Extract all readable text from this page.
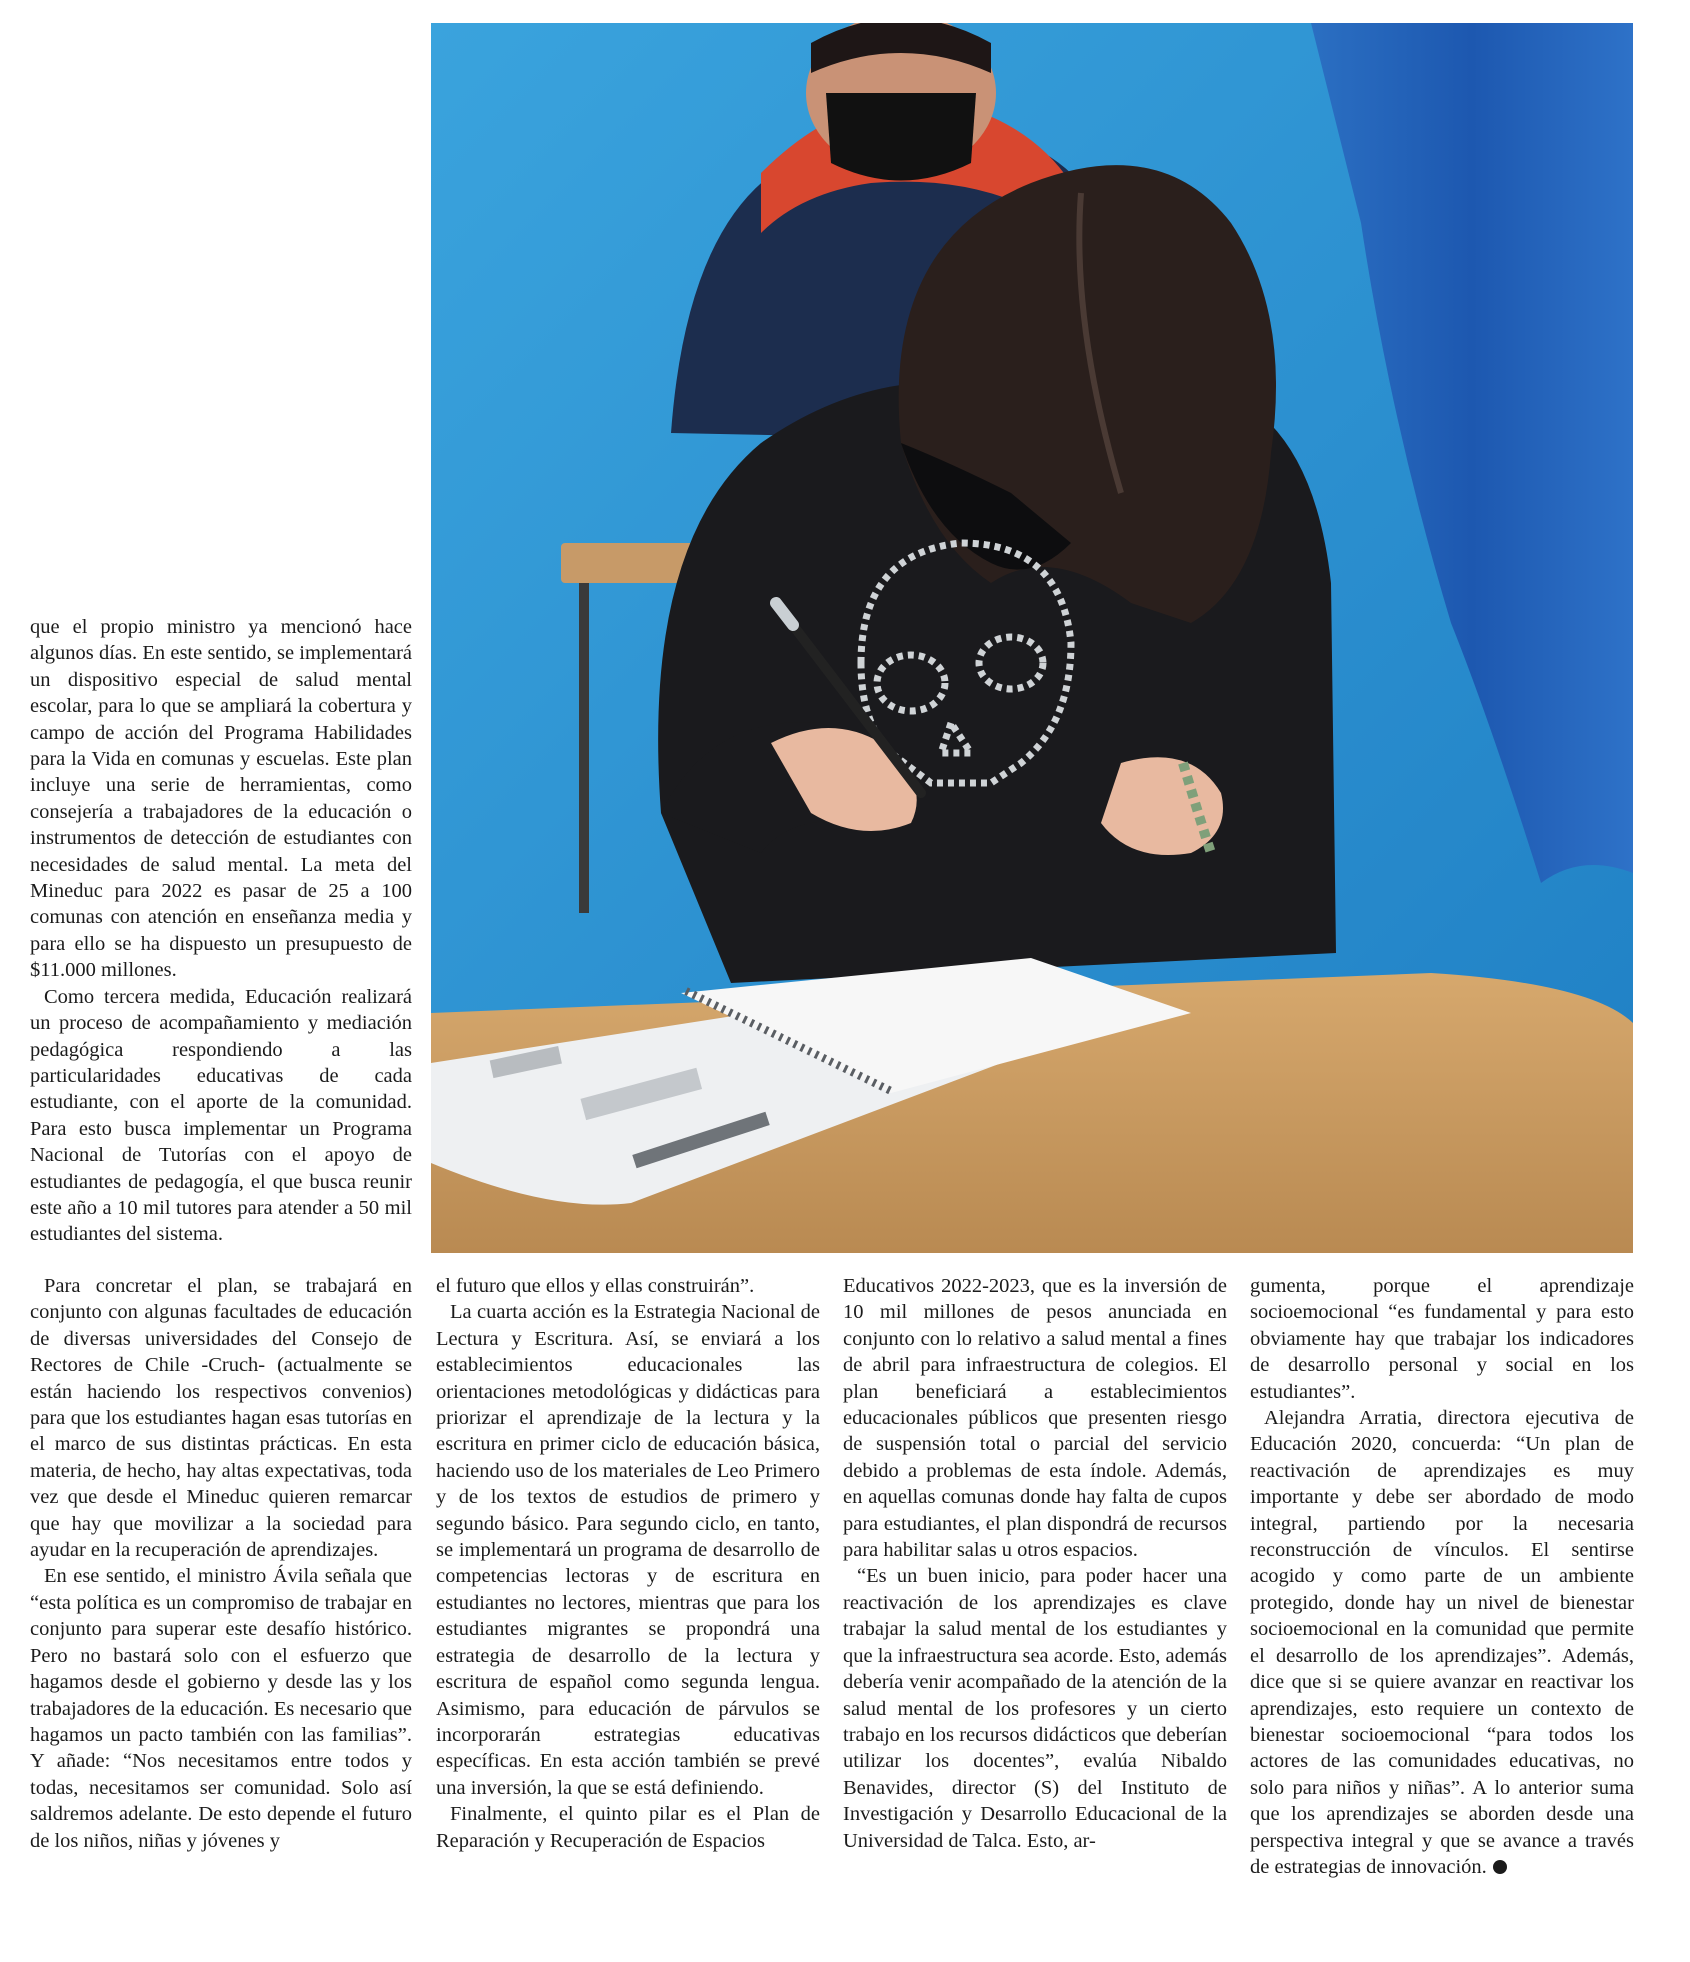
que el propio ministro ya mencionó hace algunos días. En este sentido, se implementará un dispositivo especial de salud mental escolar, para lo que se ampliará la cobertura y campo de acción del Programa Habilidades para la Vida en comunas y escuelas. Este plan incluye una serie de herramientas, como consejería a trabajadores de la educación o instrumentos de detección de estudiantes con necesidades de salud mental. La meta del Mineduc para 2022 es pasar de 25 a 100 comunas con atención en enseñanza media y para ello se ha dispuesto un presupuesto de $11.000 millones.

Como tercera medida, Educación realizará un proceso de acompañamiento y mediación pedagógica respondiendo a las particularidades educativas de cada estudiante, con el aporte de la comunidad. Para esto busca implementar un Programa Nacional de Tutorías con el apoyo de estudiantes de pedagogía, el que busca reunir este año a 10 mil tutores para atender a 50 mil estudiantes del sistema.

Para concretar el plan, se trabajará en conjunto con algunas facultades de educación de diversas universidades del Consejo de Rectores de Chile -Cruch- (actualmente se están haciendo los respectivos convenios) para que los estudiantes hagan esas tutorías en el marco de sus distintas prácticas. En esta materia, de hecho, hay altas expectativas, toda vez que desde el Mineduc quieren remarcar que hay que movilizar a la sociedad para ayudar en la recuperación de aprendizajes.

En ese sentido, el ministro Ávila señala que “esta política es un compromiso de trabajar en conjunto para superar este desafío histórico. Pero no bastará solo con el esfuerzo que hagamos desde el gobierno y desde las y los trabajadores de la educación. Es necesario que hagamos un pacto también con las familias”. Y añade: “Nos necesitamos entre todos y todas, necesitamos ser comunidad. Solo así saldremos adelante. De esto depende el futuro de los niños, niñas y jóvenes y

el futuro que ellos y ellas construirán”.

La cuarta acción es la Estrategia Nacional de Lectura y Escritura. Así, se enviará a los establecimientos educacionales las orientaciones metodológicas y didácticas para priorizar el aprendizaje de la lectura y la escritura en primer ciclo de educación básica, haciendo uso de los materiales de Leo Primero y de los textos de estudios de primero y segundo básico. Para segundo ciclo, en tanto, se implementará un programa de desarrollo de competencias lectoras y de escritura en estudiantes no lectores, mientras que para los estudiantes migrantes se propondrá una estrategia de desarrollo de la lectura y escritura de español como segunda lengua. Asimismo, para educación de párvulos se incorporarán estrategias educativas específicas. En esta acción también se prevé una inversión, la que se está definiendo.

Finalmente, el quinto pilar es el Plan de Reparación y Recuperación de Espacios

Educativos 2022-2023, que es la inversión de 10 mil millones de pesos anunciada en conjunto con lo relativo a salud mental a fines de abril para infraestructura de colegios. El plan beneficiará a establecimientos educacionales públicos que presenten riesgo de suspensión total o parcial del servicio debido a problemas de esta índole. Además, en aquellas comunas donde hay falta de cupos para estudiantes, el plan dispondrá de recursos para habilitar salas u otros espacios.

“Es un buen inicio, para poder hacer una reactivación de los aprendizajes es clave trabajar la salud mental de los estudiantes y que la infraestructura sea acorde. Esto, además debería venir acompañado de la atención de la salud mental de los profesores y un cierto trabajo en los recursos didácticos que deberían utilizar los docentes”, evalúa Nibaldo Benavides, director (S) del Instituto de Investigación y Desarrollo Educacional de la Universidad de Talca. Esto, ar-

gumenta, porque el aprendizaje socioemocional “es fundamental y para esto obviamente hay que trabajar los indicadores de desarrollo personal y social en los estudiantes”.

Alejandra Arratia, directora ejecutiva de Educación 2020, concuerda: “Un plan de reactivación de aprendizajes es muy importante y debe ser abordado de modo integral, partiendo por la necesaria reconstrucción de vínculos. El sentirse acogido y como parte de un ambiente protegido, donde hay un nivel de bienestar socioemocional en la comunidad que permite el desarrollo de los aprendizajes”. Además, dice que si se quiere avanzar en reactivar los aprendizajes, esto requiere un contexto de bienestar socioemocional “para todos los actores de las comunidades educativas, no solo para niños y niñas”. A lo anterior suma que los aprendizajes se aborden desde una perspectiva integral y que se avance a través de estrategias de innovación.
